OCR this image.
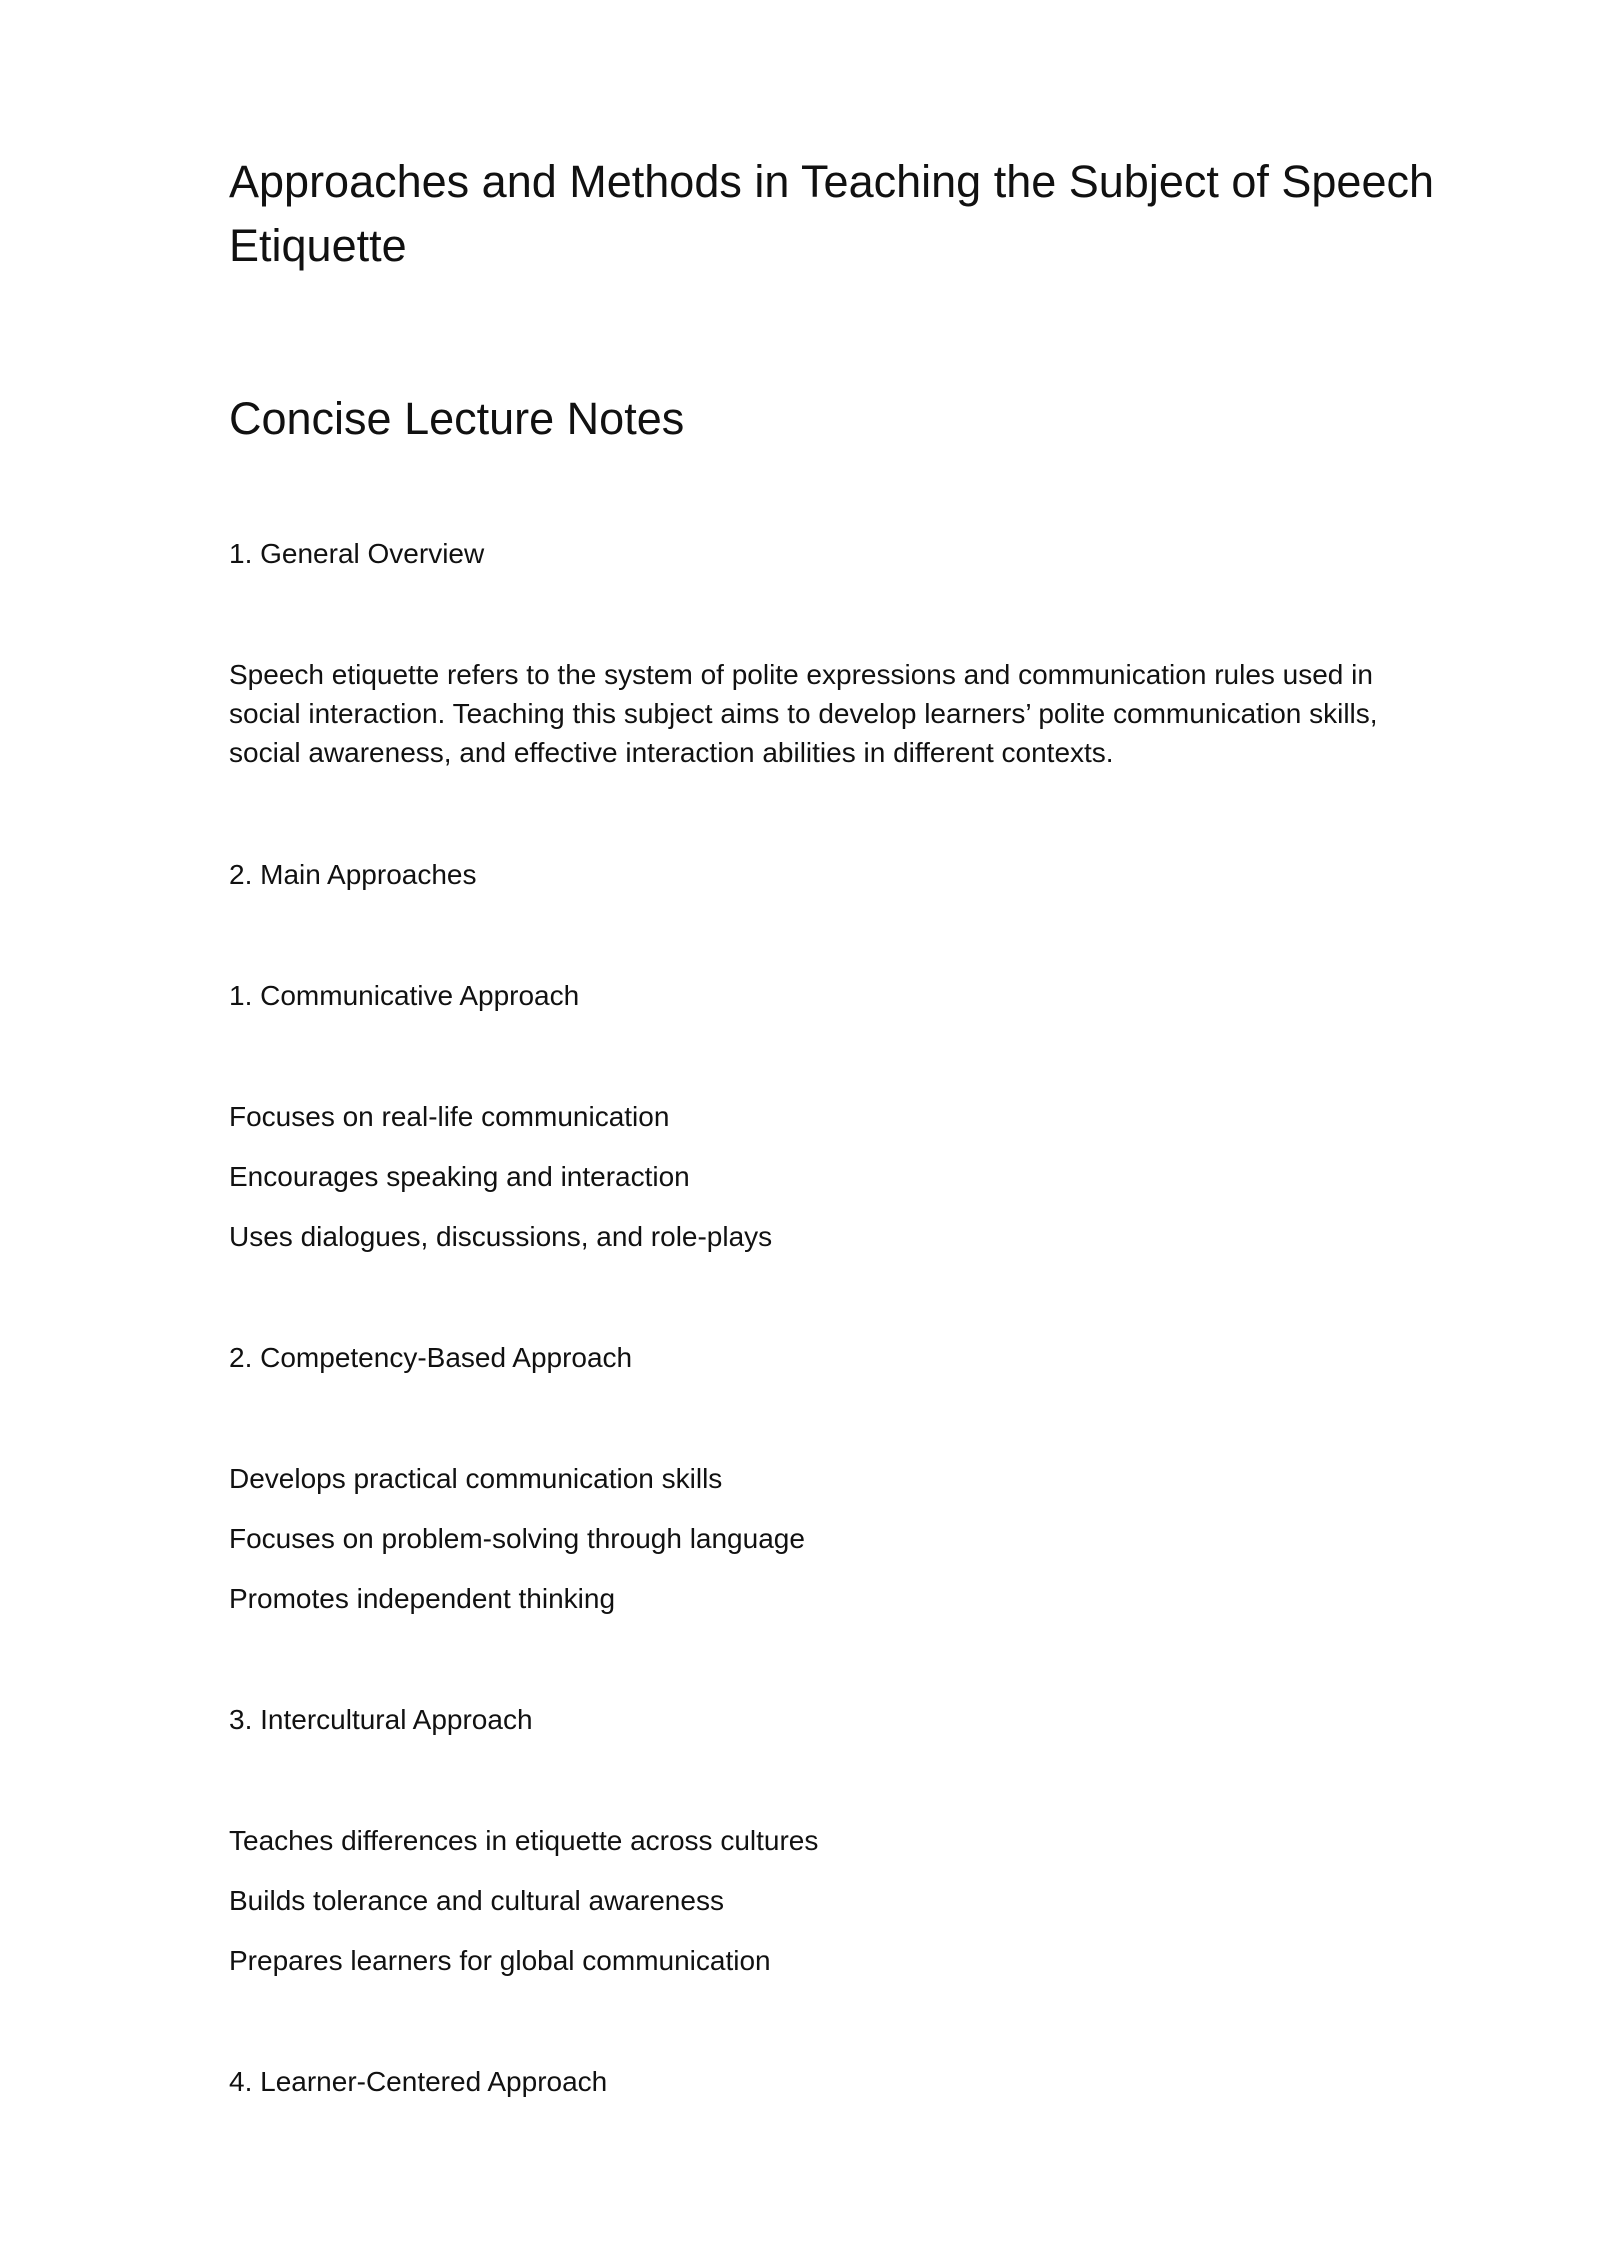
Approaches and Methods in Teaching the Subject of Speech Etiquette
Concise Lecture Notes

1. General Overview

Speech etiquette refers to the system of polite expressions and communication rules used in social interaction. Teaching this subject aims to develop learners’ polite communication skills, social awareness, and effective interaction abilities in different contexts.

2. Main Approaches

1. Communicative Approach

Focuses on real-life communication

Encourages speaking and interaction

Uses dialogues, discussions, and role-plays

2. Competency-Based Approach

Develops practical communication skills

Focuses on problem-solving through language

Promotes independent thinking

3. Intercultural Approach

Teaches differences in etiquette across cultures

Builds tolerance and cultural awareness

Prepares learners for global communication

4. Learner-Centered Approach
